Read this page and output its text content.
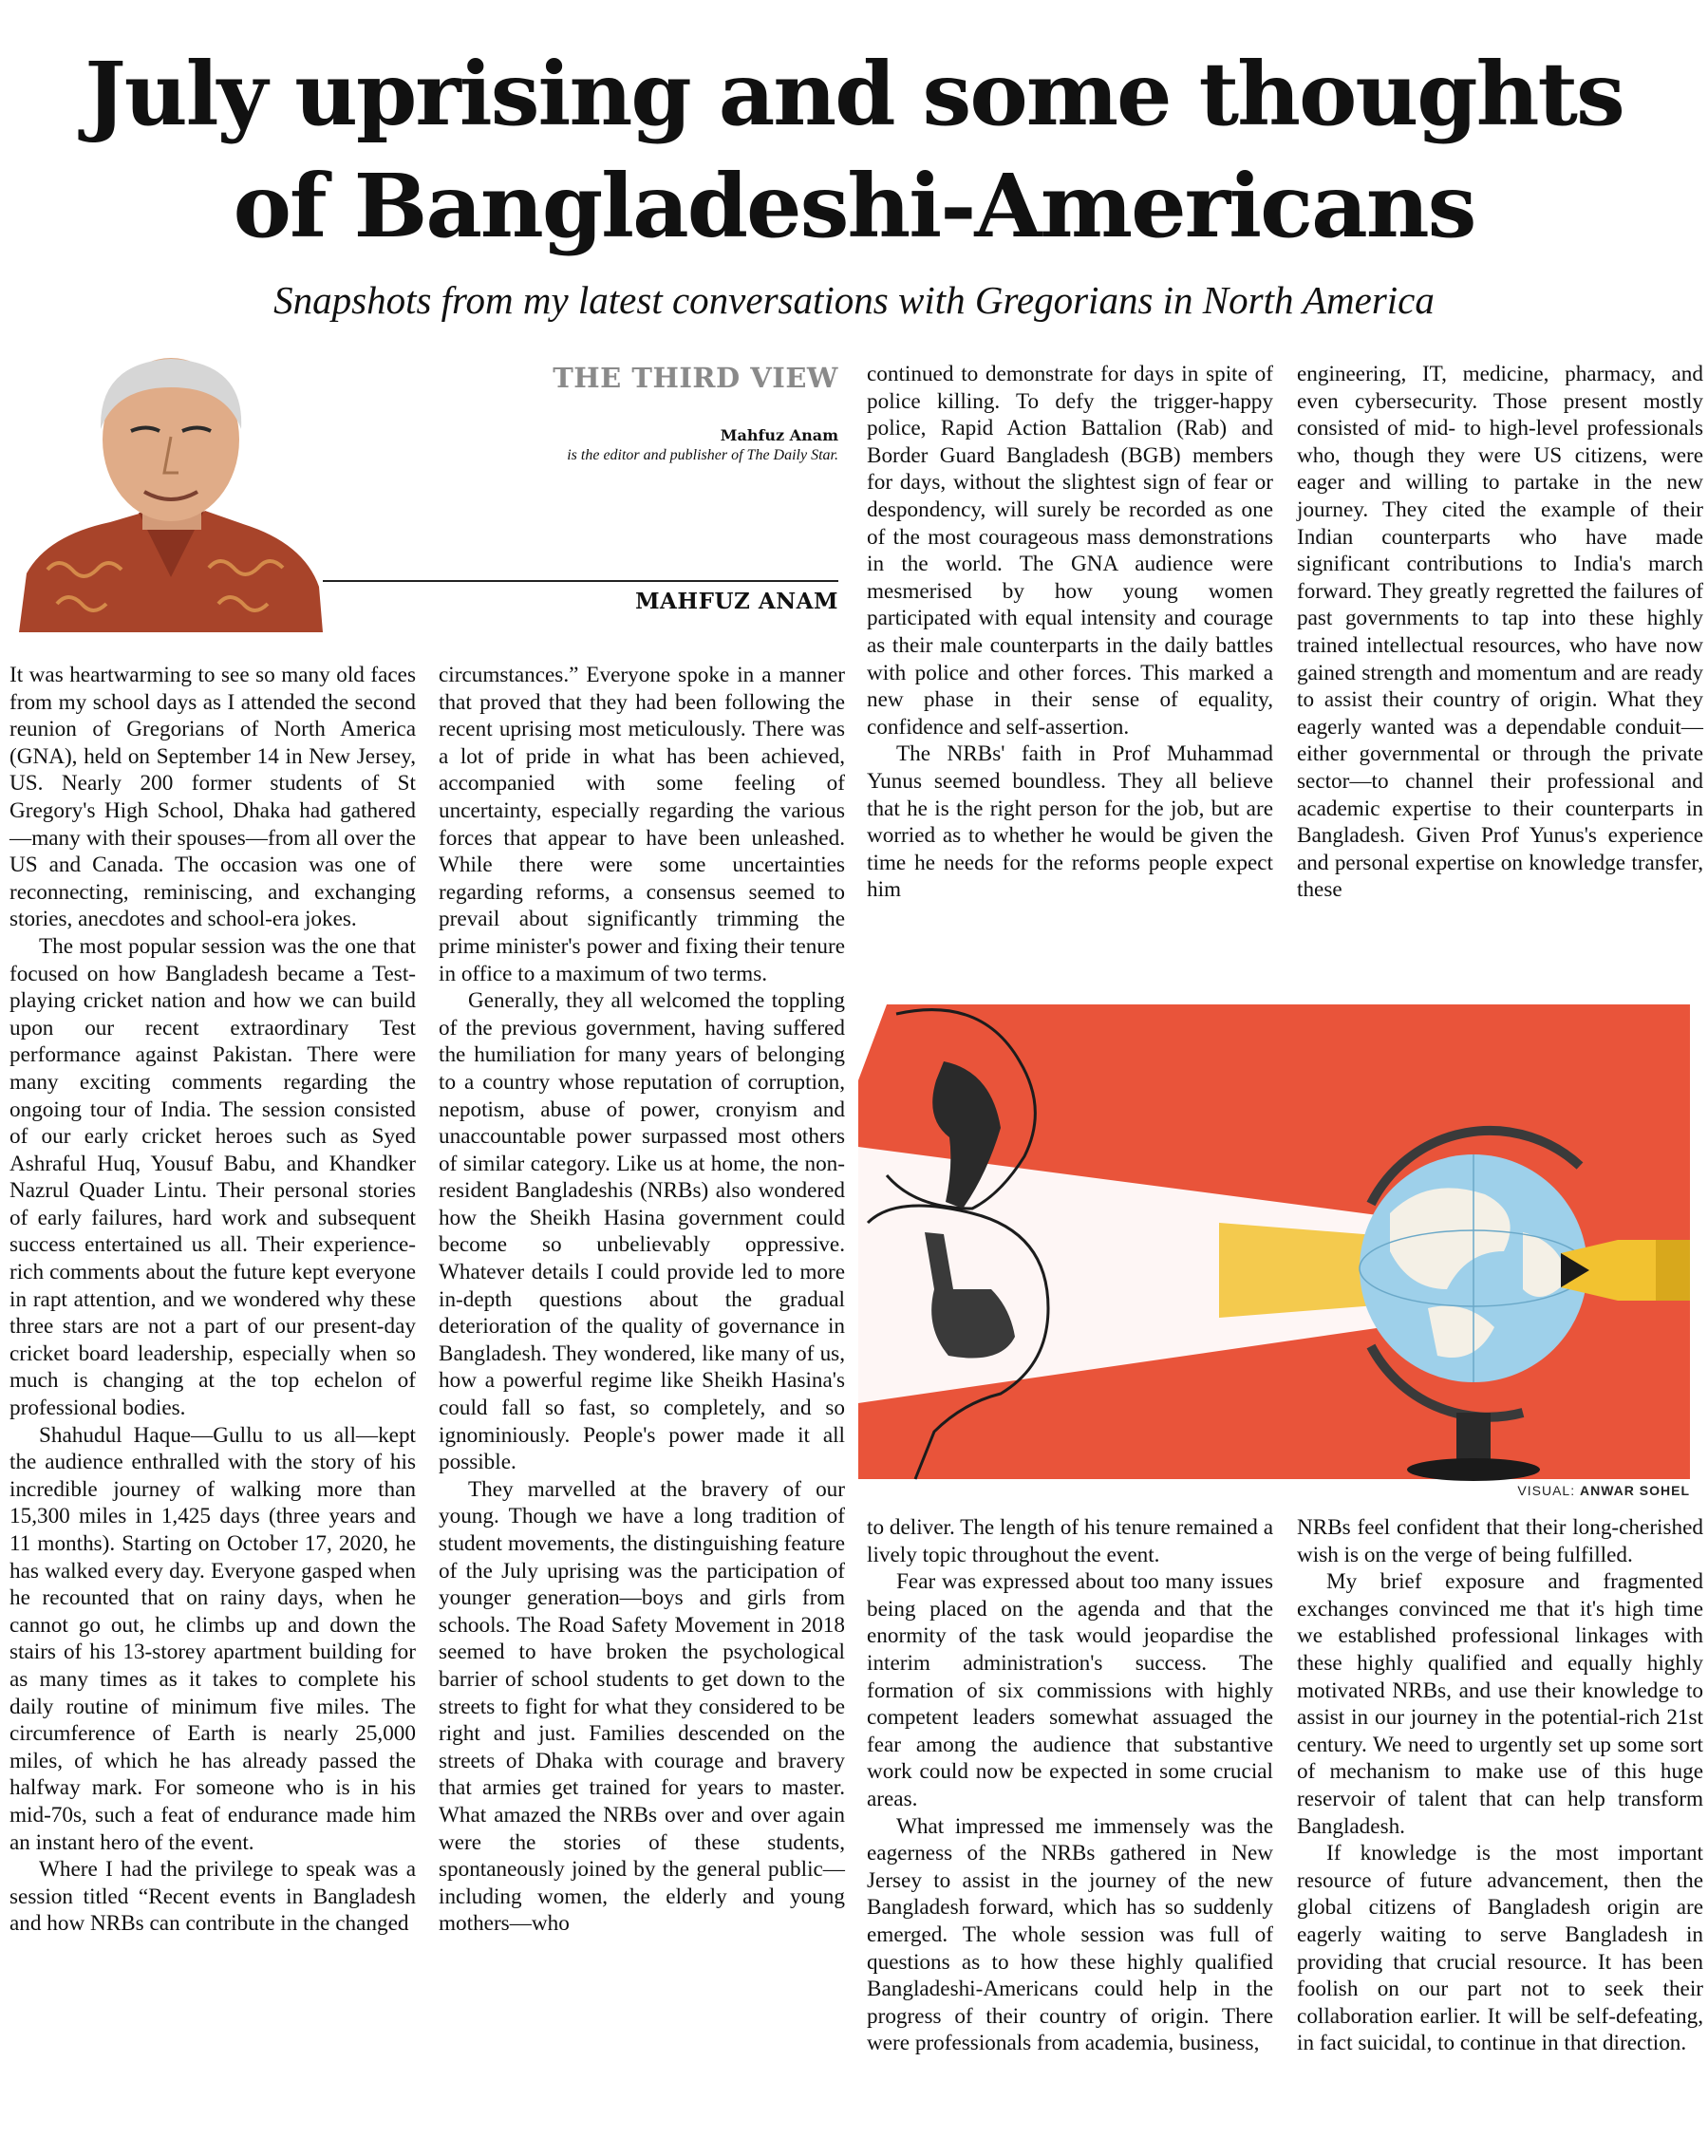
July uprising and some thoughts
of Bangladeshi-Americans
Snapshots from my latest conversations with Gregorians in North America
THE THIRD VIEW
Mahfuz Anam
is the editor and publisher of The Daily Star.
MAHFUZ ANAM
VISUAL: ANWAR SOHEL

It was heartwarming to see so many old faces from my school days as I attended the second reunion of Gregorians of North America (GNA), held on September 14 in New Jersey, US. Nearly 200 former students of St Gregory's High School, Dhaka had gathered—many with their spouses—from all over the US and Canada. The occasion was one of reconnecting, reminiscing, and exchanging stories, anecdotes and school-era jokes.

The most popular session was the one that focused on how Bangladesh became a Test-playing cricket nation and how we can build upon our recent extraordinary Test performance against Pakistan. There were many exciting comments regarding the ongoing tour of India. The session consisted of our early cricket heroes such as Syed Ashraful Huq, Yousuf Babu, and Khandker Nazrul Quader Lintu. Their personal stories of early failures, hard work and subsequent success entertained us all. Their experience-rich comments about the future kept everyone in rapt attention, and we wondered why these three stars are not a part of our present-day cricket board leadership, especially when so much is changing at the top echelon of professional bodies.

Shahudul Haque—Gullu to us all—kept the audience enthralled with the story of his incredible journey of walking more than 15,300 miles in 1,425 days (three years and 11 months). Starting on October 17, 2020, he has walked every day. Everyone gasped when he recounted that on rainy days, when he cannot go out, he climbs up and down the stairs of his 13-storey apartment building for as many times as it takes to complete his daily routine of minimum five miles. The circumference of Earth is nearly 25,000 miles, of which he has already passed the halfway mark. For someone who is in his mid-70s, such a feat of endurance made him an instant hero of the event.

Where I had the privilege to speak was a session titled “Recent events in Bangladesh and how NRBs can contribute in the changed

circumstances.” Everyone spoke in a manner that proved that they had been following the recent uprising most meticulously. There was a lot of pride in what has been achieved, accompanied with some feeling of uncertainty, especially regarding the various forces that appear to have been unleashed. While there were some uncertainties regarding reforms, a consensus seemed to prevail about significantly trimming the prime minister's power and fixing their tenure in office to a maximum of two terms.

Generally, they all welcomed the toppling of the previous government, having suffered the humiliation for many years of belonging to a country whose reputation of corruption, nepotism, abuse of power, cronyism and unaccountable power surpassed most others of similar category. Like us at home, the non-resident Bangladeshis (NRBs) also wondered how the Sheikh Hasina government could become so unbelievably oppressive. Whatever details I could provide led to more in-depth questions about the gradual deterioration of the quality of governance in Bangladesh. They wondered, like many of us, how a powerful regime like Sheikh Hasina's could fall so fast, so completely, and so ignominiously. People's power made it all possible.

They marvelled at the bravery of our young. Though we have a long tradition of student movements, the distinguishing feature of the July uprising was the participation of younger generation—boys and girls from schools. The Road Safety Movement in 2018 seemed to have broken the psychological barrier of school students to get down to the streets to fight for what they considered to be right and just. Families descended on the streets of Dhaka with courage and bravery that armies get trained for years to master. What amazed the NRBs over and over again were the stories of these students, spontaneously joined by the general public—including women, the elderly and young mothers—who

continued to demonstrate for days in spite of police killing. To defy the trigger-happy police, Rapid Action Battalion (Rab) and Border Guard Bangladesh (BGB) members for days, without the slightest sign of fear or despondency, will surely be recorded as one of the most courageous mass demonstrations in the world. The GNA audience were mesmerised by how young women participated with equal intensity and courage as their male counterparts in the daily battles with police and other forces. This marked a new phase in their sense of equality, confidence and self-assertion.

The NRBs' faith in Prof Muhammad Yunus seemed boundless. They all believe that he is the right person for the job, but are worried as to whether he would be given the time he needs for the reforms people expect him

engineering, IT, medicine, pharmacy, and even cybersecurity. Those present mostly consisted of mid- to high-level professionals who, though they were US citizens, were eager and willing to partake in the new journey. They cited the example of their Indian counterparts who have made significant contributions to India's march forward. They greatly regretted the failures of past governments to tap into these highly trained intellectual resources, who have now gained strength and momentum and are ready to assist their country of origin. What they eagerly wanted was a dependable conduit—either governmental or through the private sector—to channel their professional and academic expertise to their counterparts in Bangladesh. Given Prof Yunus's experience and personal expertise on knowledge transfer, these

to deliver. The length of his tenure remained a lively topic throughout the event.

Fear was expressed about too many issues being placed on the agenda and that the enormity of the task would jeopardise the interim administration's success. The formation of six commissions with highly competent leaders somewhat assuaged the fear among the audience that substantive work could now be expected in some crucial areas.

What impressed me immensely was the eagerness of the NRBs gathered in New Jersey to assist in the journey of the new Bangladesh forward, which has so suddenly emerged. The whole session was full of questions as to how these highly qualified Bangladeshi-Americans could help in the progress of their country of origin. There were professionals from academia, business,

NRBs feel confident that their long-cherished wish is on the verge of being fulfilled.

My brief exposure and fragmented exchanges convinced me that it's high time we established professional linkages with these highly qualified and equally highly motivated NRBs, and use their knowledge to assist in our journey in the potential-rich 21st century. We need to urgently set up some sort of mechanism to make use of this huge reservoir of talent that can help transform Bangladesh.

If knowledge is the most important resource of future advancement, then the global citizens of Bangladesh origin are eagerly waiting to serve Bangladesh in providing that crucial resource. It has been foolish on our part not to seek their collaboration earlier. It will be self-defeating, in fact suicidal, to continue in that direction.
